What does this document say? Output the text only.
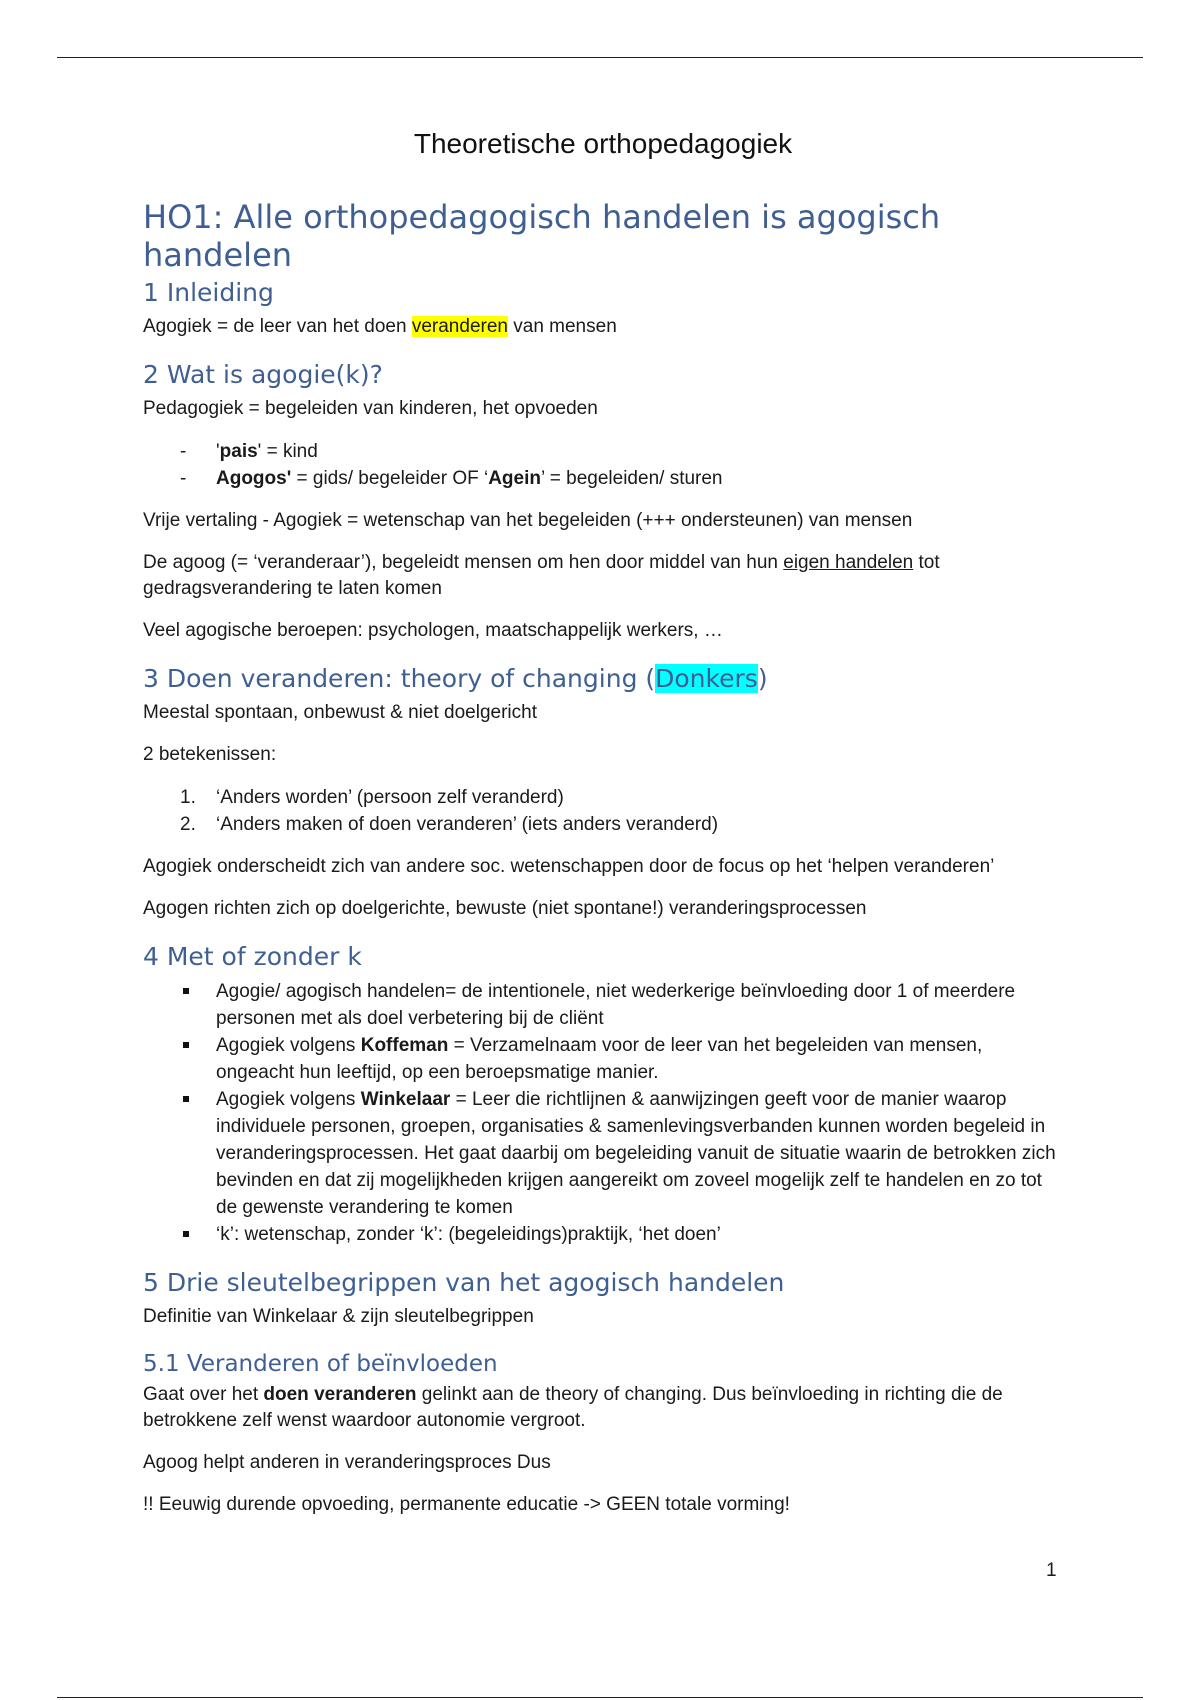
Theoretische orthopedagogiek
HO1: Alle orthopedagogisch handelen is agogisch handelen
1 Inleiding

Agogiek = de leer van het doen veranderen van mensen

2 Wat is agogie(k)?

Pedagogiek = begeleiden van kinderen, het opvoeden

- 'pais' = kind
- Agogos' = gids/ begeleider OF ‘Agein’ = begeleiden/ sturen

Vrije vertaling - Agogiek = wetenschap van het begeleiden (+++ ondersteunen) van mensen

De agoog (= ‘veranderaar’), begeleidt mensen om hen door middel van hun eigen handelen tot gedragsverandering te laten komen

Veel agogische beroepen: psychologen, maatschappelijk werkers, …

3 Doen veranderen: theory of changing (Donkers)

Meestal spontaan, onbewust & niet doelgericht

2 betekenissen:

1. ‘Anders worden’ (persoon zelf veranderd)
2. ‘Anders maken of doen veranderen’ (iets anders veranderd)

Agogiek onderscheidt zich van andere soc. wetenschappen door de focus op het ‘helpen veranderen’

Agogen richten zich op doelgerichte, bewuste (niet spontane!) veranderingsprocessen

4 Met of zonder k
Agogie/ agogisch handelen= de intentionele, niet wederkerige beïnvloeding door 1 of meerdere personen met als doel verbetering bij de cliënt
Agogiek volgens Koffeman = Verzamelnaam voor de leer van het begeleiden van mensen, ongeacht hun leeftijd, op een beroepsmatige manier.
Agogiek volgens Winkelaar = Leer die richtlijnen & aanwijzingen geeft voor de manier waarop individuele personen, groepen, organisaties & samenlevingsverbanden kunnen worden begeleid in veranderingsprocessen. Het gaat daarbij om begeleiding vanuit de situatie waarin de betrokken zich bevinden en dat zij mogelijkheden krijgen aangereikt om zoveel mogelijk zelf te handelen en zo tot de gewenste verandering te komen
‘k’: wetenschap, zonder ‘k’: (begeleidings)praktijk, ‘het doen’
5 Drie sleutelbegrippen van het agogisch handelen

Definitie van Winkelaar & zijn sleutelbegrippen

5.1 Veranderen of beïnvloeden

Gaat over het doen veranderen gelinkt aan de theory of changing. Dus beïnvloeding in richting die de betrokkene zelf wenst waardoor autonomie vergroot.

Agoog helpt anderen in veranderingsproces Dus

!! Eeuwig durende opvoeding, permanente educatie -> GEEN totale vorming!

1
